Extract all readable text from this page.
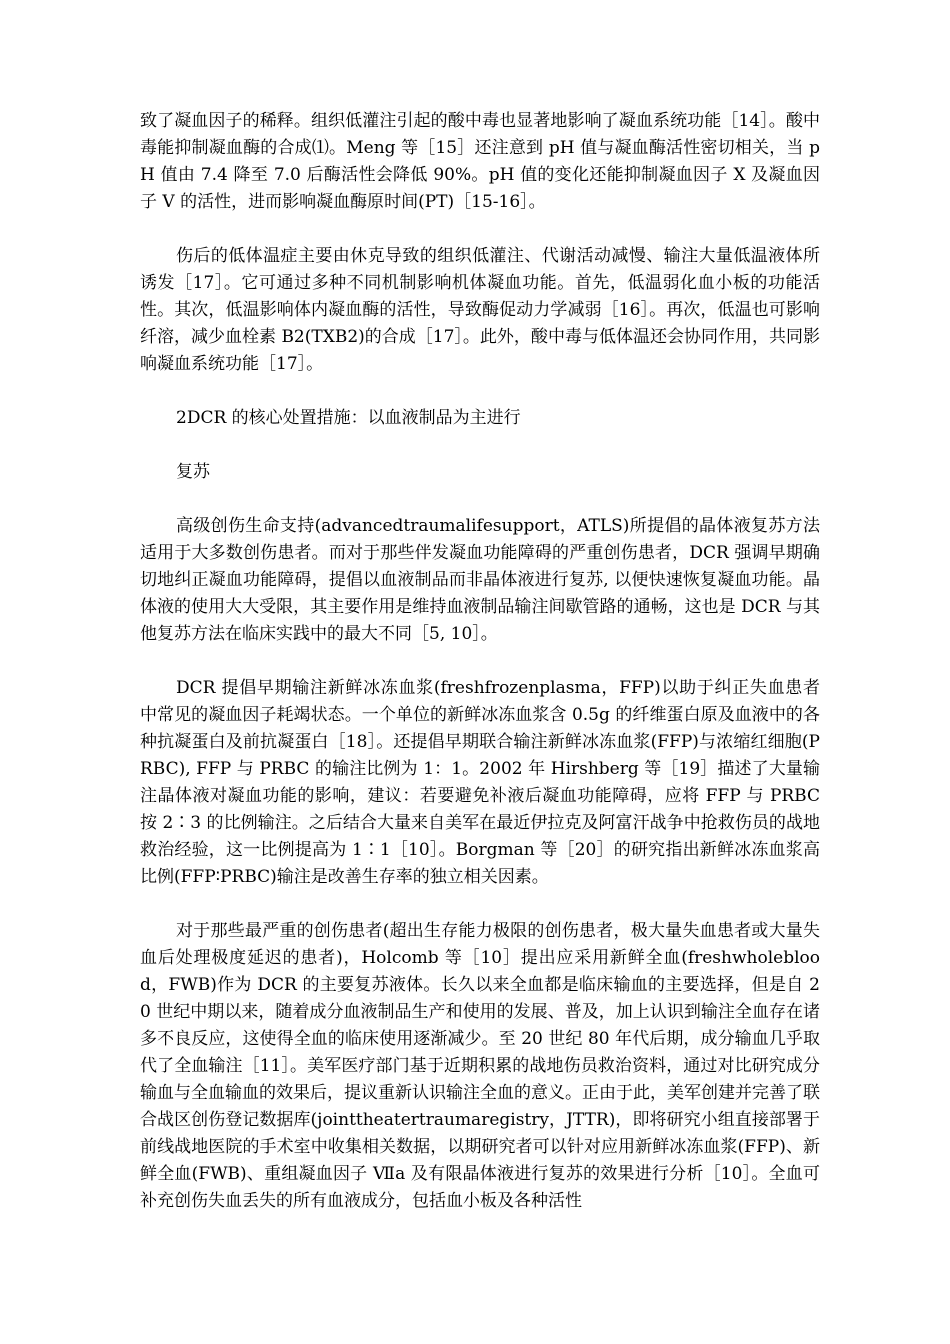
致了凝血因子的稀释。组织低灌注引起的酸中毒也显著地影响了凝血系统功能［14］。酸中毒能抑制凝血酶的合成⑴。Meng 等［15］还注意到 pH 值与凝血酶活性密切相关，当 pH 值由 7.4 降至 7.0 后酶活性会降低 90%。pH 值的变化还能抑制凝血因子 X 及凝血因子 V 的活性，进而影响凝血酶原时间(PT)［15-16］。

伤后的低体温症主要由休克导致的组织低灌注、代谢活动减慢、输注大量低温液体所诱发［17］。它可通过多种不同机制影响机体凝血功能。首先，低温弱化血小板的功能活性。其次，低温影响体内凝血酶的活性，导致酶促动力学减弱［16］。再次，低温也可影响纤溶，减少血栓素 B2(TXB2)的合成［17］。此外，酸中毒与低体温还会协同作用，共同影响凝血系统功能［17］。

2DCR 的核心处置措施：以血液制品为主进行

复苏

高级创伤生命支持(advancedtraumalifesupport，ATLS)所提倡的晶体液复苏方法适用于大多数创伤患者。而对于那些伴发凝血功能障碍的严重创伤患者，DCR 强调早期确切地纠正凝血功能障碍，提倡以血液制品而非晶体液进行复苏, 以便快速恢复凝血功能。晶体液的使用大大受限，其主要作用是维持血液制品输注间歇管路的通畅，这也是 DCR 与其他复苏方法在临床实践中的最大不同［5, 10］。

DCR 提倡早期输注新鲜冰冻血浆(freshfrozenplasma，FFP)以助于纠正失血患者中常见的凝血因子耗竭状态。一个单位的新鲜冰冻血浆含 0.5g 的纤维蛋白原及血液中的各种抗凝蛋白及前抗凝蛋白［18］。还提倡早期联合输注新鲜冰冻血浆(FFP)与浓缩红细胞(PRBC), FFP 与 PRBC 的输注比例为 1：1。2002 年 Hirshberg 等［19］描述了大量输注晶体液对凝血功能的影响，建议：若要避免补液后凝血功能障碍，应将 FFP 与 PRBC 按 2∶3 的比例输注。之后结合大量来自美军在最近伊拉克及阿富汗战争中抢救伤员的战地救治经验，这一比例提高为 1∶1［10］。Borgman 等［20］的研究指出新鲜冰冻血浆高比例(FFP∶PRBC)输注是改善生存率的独立相关因素。

对于那些最严重的创伤患者(超出生存能力极限的创伤患者，极大量失血患者或大量失血后处理极度延迟的患者)，Holcomb 等［10］提出应采用新鲜全血(freshwholeblood，FWB)作为 DCR 的主要复苏液体。长久以来全血都是临床输血的主要选择，但是自 20 世纪中期以来，随着成分血液制品生产和使用的发展、普及，加上认识到输注全血存在诸多不良反应，这使得全血的临床使用逐渐减少。至 20 世纪 80 年代后期，成分输血几乎取代了全血输注［11］。美军医疗部门基于近期积累的战地伤员救治资料，通过对比研究成分输血与全血输血的效果后，提议重新认识输注全血的意义。正由于此，美军创建并完善了联合战区创伤登记数据库(jointtheatertraumaregistry，JTTR)，即将研究小组直接部署于前线战地医院的手术室中收集相关数据，以期研究者可以针对应用新鲜冰冻血浆(FFP)、新鲜全血(FWB)、重组凝血因子 Ⅶa 及有限晶体液进行复苏的效果进行分析［10］。全血可补充创伤失血丢失的所有血液成分，包括血小板及各种活性
